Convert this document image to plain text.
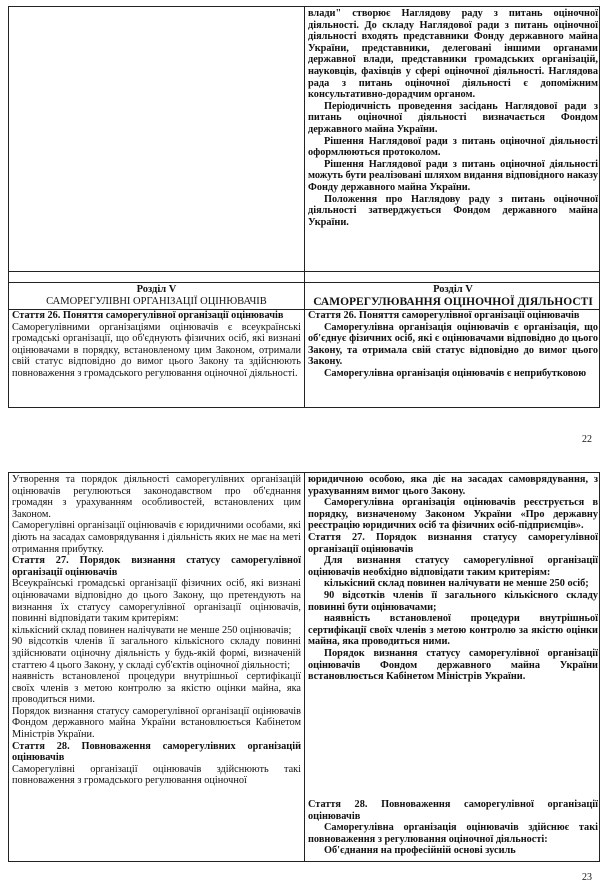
влади" створює Наглядову раду з питань оціночної діяльності. До складу Наглядової ради з питань оціночної діяльності входять представники Фонду державного майна України, представники, делеговані іншими органами державної влади, представники громадських організацій, науковців, фахівців у сфері оціночної діяльності. Наглядова рада з питань оціночної діяльності є допоміжним консультативно-дорадчим органом.

Періодичність проведення засідань Наглядової ради з питань оціночної діяльності визначається Фондом державного майна України.

Рішення Наглядової ради з питань оціночної діяльності оформлюються протоколом.

Рішення Наглядової ради з питань оціночної діяльності можуть бути реалізовані шляхом видання відповідного наказу Фонду державного майна України.

Положення про Наглядову раду з питань оціночної діяльності затверджується Фондом державного майна України.

Розділ V
САМОРЕГУЛІВНІ ОРГАНІЗАЦІЇ ОЦІНЮВАЧІВ
Розділ V
САМОРЕГУЛЮВАННЯ ОЦІНОЧНОЇ ДІЯЛЬНОСТІ

Стаття 26. Поняття саморегулівної організації оцінювачів

Саморегулівними організаціями оцінювачів є всеукраїнські громадські організації, що об'єднують фізичних осіб, які визнані оцінювачами в порядку, встановленому цим Законом, отримали свій статус відповідно до вимог цього Закону та здійснюють повноваження з громадського регулювання оціночної діяльності.

Стаття 26. Поняття саморегулівної організації оцінювачів

Саморегулівна організація оцінювачів є організація, що об'єднує фізичних осіб, які є оцінювачами відповідно до цього Закону, та отримала свій статус відповідно до вимог цього Закону.

Саморегулівна організація оцінювачів є неприбутковою

22

Утворення та порядок діяльності саморегулівних організацій оцінювачів регулюються законодавством про об'єднання громадян з урахуванням особливостей, встановлених цим Законом.

Саморегулівні організації оцінювачів є юридичними особами, які діють на засадах самоврядування і діяльність яких не має на меті отримання прибутку.

Стаття 27. Порядок визнання статусу саморегулівної організації оцінювачів

Всеукраїнські громадські організації фізичних осіб, які визнані оцінювачами відповідно до цього Закону, що претендують на визнання їх статусу саморегулівної організації оцінювачів, повинні відповідати таким критеріям:

кількісний склад повинен налічувати не менше 250 оцінювачів;

90 відсотків членів її загального кількісного складу повинні здійснювати оціночну діяльність у будь-якій формі, визначеній статтею 4 цього Закону, у складі суб'єктів оціночної діяльності;

наявність встановленої процедури внутрішньої сертифікації своїх членів з метою контролю за якістю оцінки майна, яка проводиться ними.

Порядок визнання статусу саморегулівної організації оцінювачів Фондом державного майна України встановлюється Кабінетом Міністрів України.

Стаття 28. Повноваження саморегулівних організацій оцінювачів

Саморегулівні організації оцінювачів здійснюють такі повноваження з громадського регулювання оціночної

юридичною особою, яка діє на засадах самоврядування, з урахуванням вимог цього Закону.

Саморегулівна організація оцінювачів реєструється в порядку, визначеному Законом України «Про державну реєстрацію юридичних осіб та фізичних осіб-підприємців».

Стаття 27. Порядок визнання статусу саморегулівної організації оцінювачів

Для визнання статусу саморегулівної організації оцінювачів необхідно відповідати таким критеріям:

кількісний склад повинен налічувати не менше 250 осіб;

90 відсотків членів її загального кількісного складу повинні бути оцінювачами;

наявність встановленої процедури внутрішньої сертифікації своїх членів з метою контролю за якістю оцінки майна, яка проводиться ними.

Порядок визнання статусу саморегулівної організації оцінювачів Фондом державного майна України встановлюється Кабінетом Міністрів України.

Стаття 28. Повноваження саморегулівної організації оцінювачів

Саморегулівна організація оцінювачів здійснює такі повноваження з регулювання оціночної діяльності:

Об'єднання на професійній основі зусиль

23
